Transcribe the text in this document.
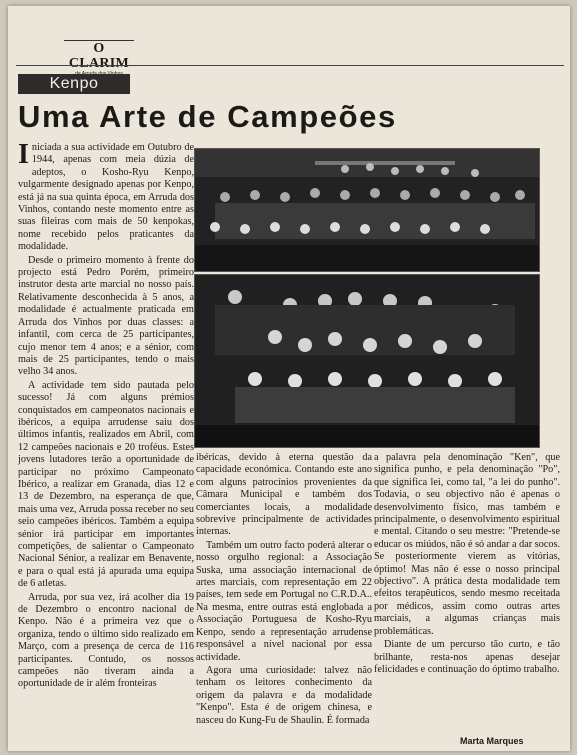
O CLARIM
Kenpo
Uma Arte de Campeões

Iniciada a sua actividade em Outubro de 1944, apenas com meia dúzia de adeptos, o Kosho-Ryu Kenpo, vulgarmente designado apenas por Kenpo, está já na sua quinta época, em Arruda dos Vinhos, contando neste momento entre as suas fileiras com mais de 50 kenpokas, nome recebido pelos praticantes da modalidade.

Desde o primeiro momento à frente do projecto está Pedro Porém, primeiro instrutor desta arte marcial no nosso país. Relativamente desconhecida à 5 anos, a modalidade é actualmente praticada em Arruda dos Vinhos por duas classes: a infantil, com cerca de 25 participantes, cujo menor tem 4 anos; e a sénior, com mais de 25 participantes, tendo o mais velho 34 anos.

A actividade tem sido pautada pelo sucesso! Já com alguns prémios conquistados em campeonatos nacionais e ibéricos, a equipa arrudense saiu dos últimos infantis, realizados em Abril, com 12 campeões nacionais e 20 troféus. Estes jovens lutadores terão a oportunidade de participar no próximo Campeonato Ibérico, a realizar em Granada, dias 12 e 13 de Dezembro, na esperança de que, mais uma vez, Arruda possa receber no seu seio campeões ibéricos. Também a equipa sénior irá participar em importantes competições, de salientar o Campeonato Nacional Sénior, a realizar em Benavente, e para o qual está já apurada uma equipa de 6 atletas.

Arruda, por sua vez, irá acolher dia 19 de Dezembro o encontro nacional de Kenpo. Não é a primeira vez que o organiza, tendo o último sido realizado em Março, com a presença de cerca de 116 participantes. Contudo, os nossos campeões não tiveram ainda a oportunidade de ir além fronteiras

ibéricas, devido à eterna questão da capacidade económica. Contando este ano com alguns patrocínios provenientes da Câmara Municipal e também dos comerciantes locais, a modalidade sobrevive principalmente de actividades internas.

Também um outro facto poderá alterar o nosso orgulho regional: a Associação Suska, uma associação internacional de artes marciais, com representação em 22 países, tem sede em Portugal no C.R.D.A.. Na mesma, entre outras está englobada a Associação Portuguesa de Kosho-Ryu Kenpo, sendo a representação arrudense responsável a nível nacional por essa actividade.

Agora uma curiosidade: talvez não tenham os leitores conhecimento da origem da palavra e da modalidade "Kenpo". Esta é de origem chinesa, e nasceu do Kung-Fu de Shaulin. É formada

a palavra pela denominação "Ken", que significa punho, e pela denominação "Po", que significa lei, como tal, "a lei do punho". Todavia, o seu objectivo não é apenas o desenvolvimento físico, mas também e principalmente, o desenvolvimento espiritual e mental. Citando o seu mestre: "Pretende-se educar os miúdos, não é só andar a dar socos. Se posteriormente vierem as vitórias, óptimo! Mas não é esse o nosso principal objectivo". A prática desta modalidade tem efeitos terapêuticos, sendo mesmo receitada por médicos, assim como outras artes marciais, a algumas crianças mais problemáticas.

Diante de um percurso tão curto, e tão brilhante, resta-nos apenas desejar felicidades e continuação do óptimo trabalho.

Marta Marques
